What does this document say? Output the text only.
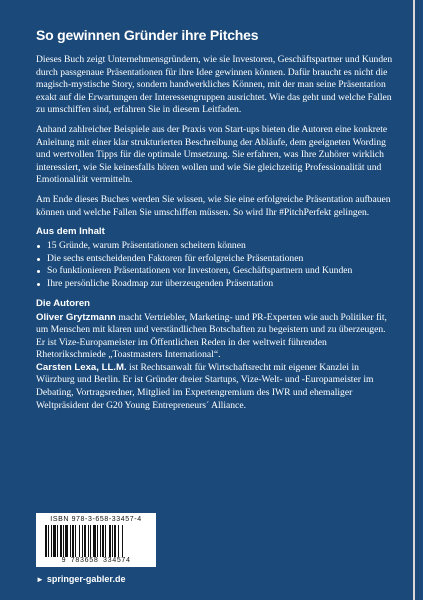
So gewinnen Gründer ihre Pitches

Dieses Buch zeigt Unternehmensgründern, wie sie Investoren, Geschäftspartner und Kunden durch passgenaue Präsentationen für ihre Idee gewinnen können. Dafür braucht es nicht die magisch-mystische Story, sondern handwerkliches Können, mit der man seine Präsentation exakt auf die Erwartungen der Interessengruppen ausrichtet. Wie das geht und welche Fallen zu umschiffen sind, erfahren Sie in diesem Leitfaden.

Anhand zahlreicher Beispiele aus der Praxis von Start-ups bieten die Autoren eine konkrete Anleitung mit einer klar strukturierten Beschreibung der Abläufe, dem geeigneten Wording und wertvollen Tipps für die optimale Umsetzung. Sie erfahren, was Ihre Zuhörer wirklich interessiert, wie Sie keinesfalls hören wollen und wie Sie gleichzeitig Professionalität und Emotionalität vermitteln.

Am Ende dieses Buches werden Sie wissen, wie Sie eine erfolgreiche Präsentation aufbauen können und welche Fallen Sie umschiffen müssen. So wird Ihr #PitchPerfekt gelingen.

Aus dem Inhalt
15 Gründe, warum Präsentationen scheitern können
Die sechs entscheidenden Faktoren für erfolgreiche Präsentationen
So funktionieren Präsentationen vor Investoren, Geschäftspartnern und Kunden
Ihre persönliche Roadmap zur überzeugenden Präsentation
Die Autoren
Oliver Grytzmann macht Vertriebler, Marketing- und PR-Experten wie auch Politiker fit, um Menschen mit klaren und verständlichen Botschaften zu begeistern und zu überzeugen. Er ist Vize-Europameister im Öffentlichen Reden in der weltweit führenden Rhetorikschmiede „Toastmasters International“.
Carsten Lexa, LL.M. ist Rechtsanwalt für Wirtschaftsrecht mit eigener Kanzlei in Würzburg und Berlin. Er ist Gründer dreier Startups, Vize-Welt- und -Europameister im Debating, Vortragsredner, Mitglied im Expertengremium des IWR und ehemaliger Weltpräsident der G20 Young Entrepreneurs´ Alliance.
ISBN 978-3-658-33457-4
9 783658 334574
► springer-gabler.de
